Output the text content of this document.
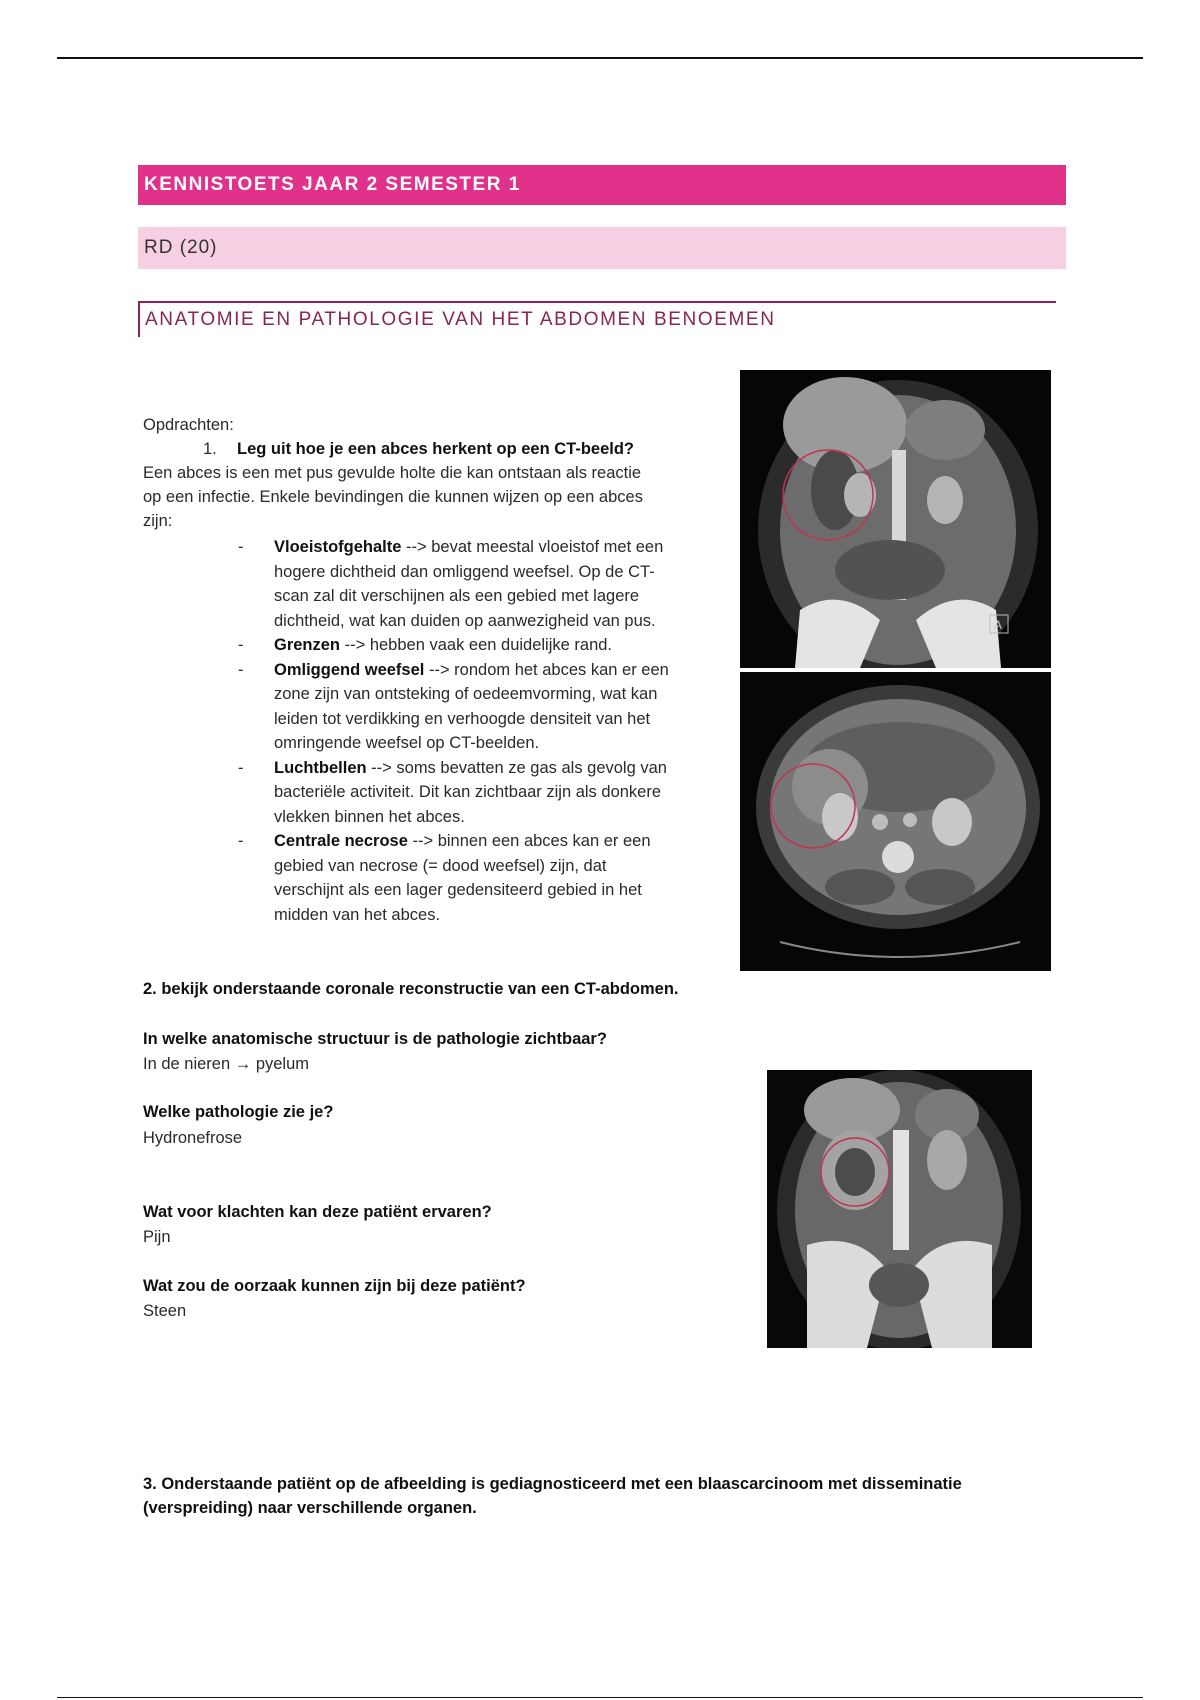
KENNISTOETS JAAR 2 SEMESTER 1
RD (20)
ANATOMIE EN PATHOLOGIE VAN HET ABDOMEN BENOEMEN
Opdrachten:
1. Leg uit hoe je een abces herkent op een CT-beeld?
Een abces is een met pus gevulde holte die kan ontstaan als reactie
op een infectie. Enkele bevindingen die kunnen wijzen op een abces
zijn:
- Vloeistofgehalte --> bevat meestal vloeistof met een
hogere dichtheid dan omliggend weefsel. Op de CT-
scan zal dit verschijnen als een gebied met lagere
dichtheid, wat kan duiden op aanwezigheid van pus.
- Grenzen --> hebben vaak een duidelijke rand.
- Omliggend weefsel --> rondom het abces kan er een
zone zijn van ontsteking of oedeemvorming, wat kan
leiden tot verdikking en verhoogde densiteit van het
omringende weefsel op CT-beelden.
- Luchtbellen --> soms bevatten ze gas als gevolg van
bacteriële activiteit. Dit kan zichtbaar zijn als donkere
vlekken binnen het abces.
- Centrale necrose --> binnen een abces kan er een
gebied van necrose (= dood weefsel) zijn, dat
verschijnt als een lager gedensiteerd gebied in het
midden van het abces.
A
2. bekijk onderstaande coronale reconstructie van een CT-abdomen.
In welke anatomische structuur is de pathologie zichtbaar?
In de nieren → pyelum
Welke pathologie zie je?
Hydronefrose
Wat voor klachten kan deze patiënt ervaren?
Pijn
Wat zou de oorzaak kunnen zijn bij deze patiënt?
Steen
3. Onderstaande patiënt op de afbeelding is gediagnosticeerd met een blaascarcinoom met disseminatie
(verspreiding) naar verschillende organen.
